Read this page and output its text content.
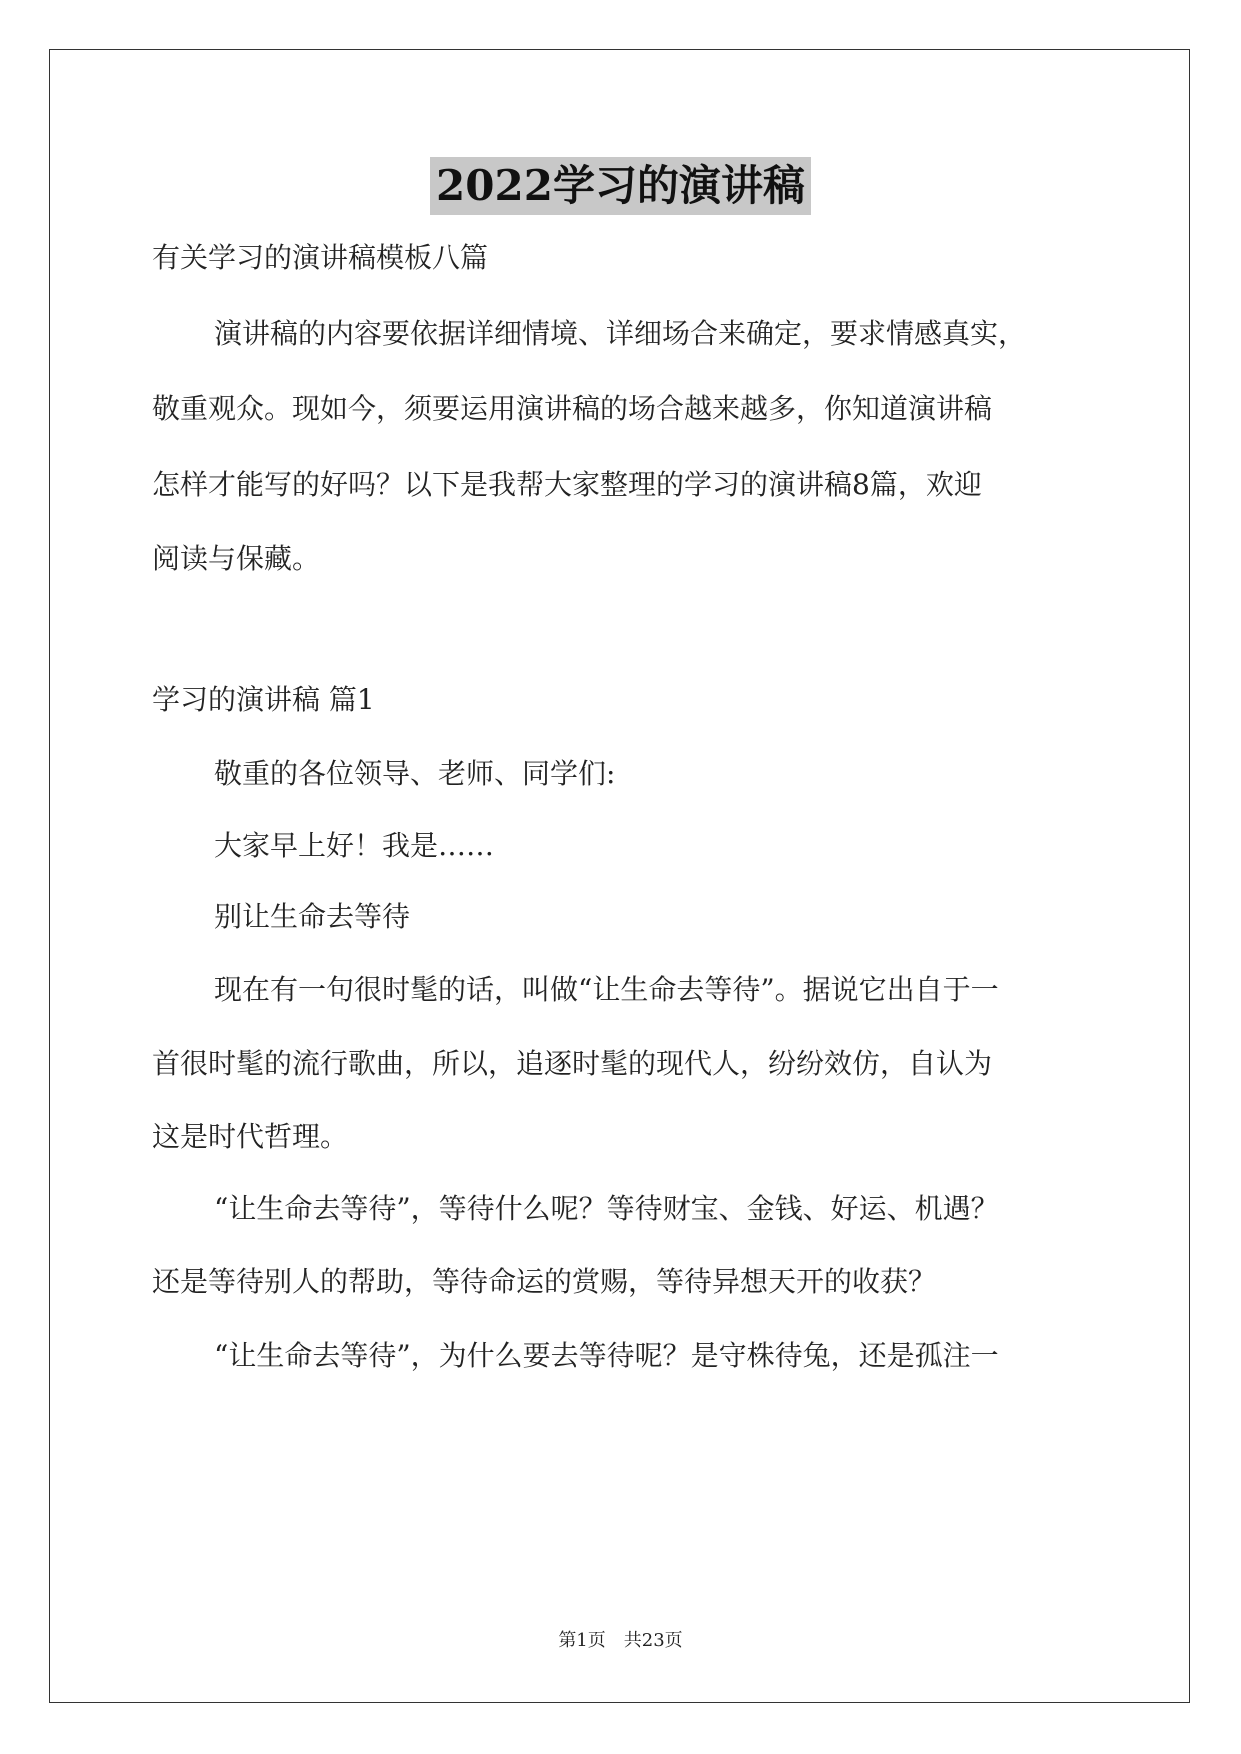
2022学习的演讲稿
有关学习的演讲稿模板八篇
演讲稿的内容要依据详细情境、详细场合来确定，要求情感真实，
敬重观众。现如今，须要运用演讲稿的场合越来越多，你知道演讲稿
怎样才能写的好吗？以下是我帮大家整理的学习的演讲稿8篇，欢迎
阅读与保藏。
学习的演讲稿 篇1
敬重的各位领导、老师、同学们:
大家早上好！我是……
别让生命去等待
现在有一句很时髦的话，叫做“让生命去等待”。据说它出自于一
首很时髦的流行歌曲，所以，追逐时髦的现代人，纷纷效仿，自认为
这是时代哲理。
“让生命去等待”，等待什么呢？等待财宝、金钱、好运、机遇？
还是等待别人的帮助，等待命运的赏赐，等待异想天开的收获？
“让生命去等待”，为什么要去等待呢？是守株待兔，还是孤注一
第1页　共23页
